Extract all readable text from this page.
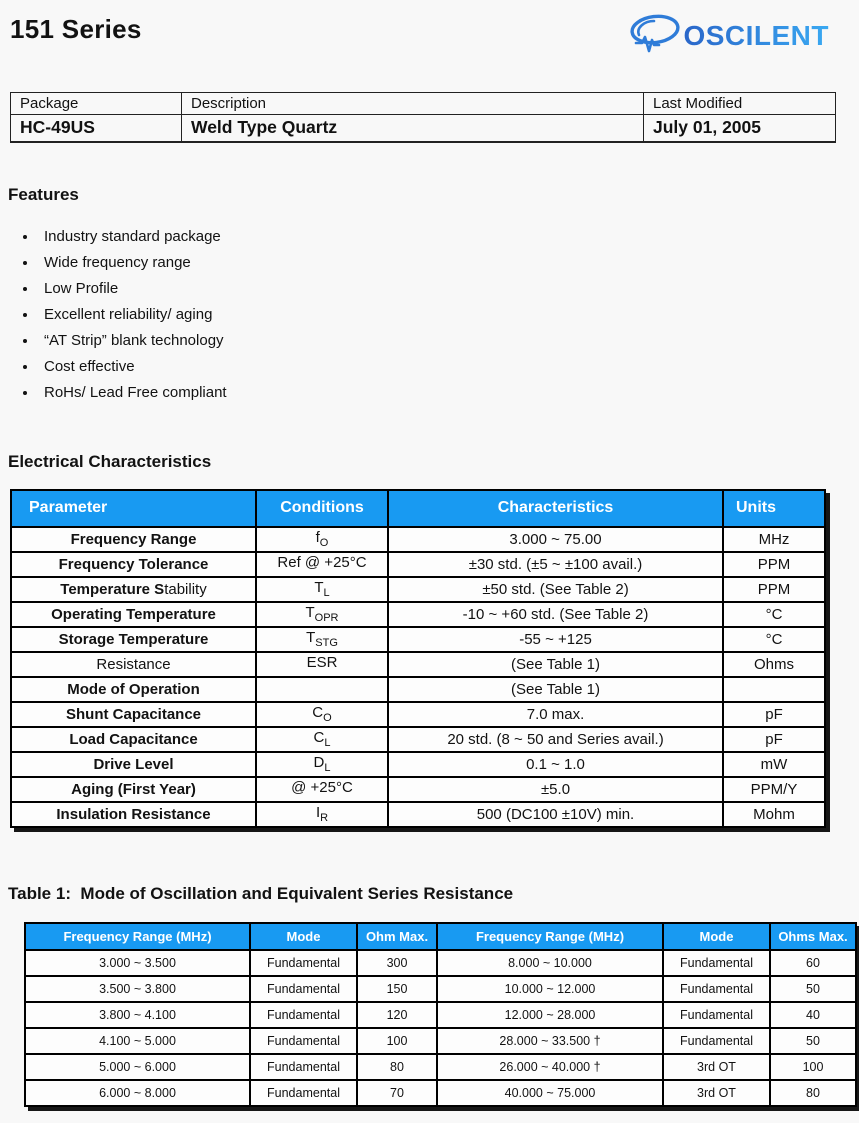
151 Series	OSCILENT
Package	Description	Last Modified
HC-49US	Weld Type Quartz	July 01, 2005
Features
• Industry standard package
• Wide frequency range
• Low Profile
• Excellent reliability/ aging
• “AT Strip” blank technology
• Cost effective
• RoHs/ Lead Free compliant
Electrical Characteristics
Parameter	Conditions	Characteristics	Units
Frequency Range	$f_O$	3.000 ~ 75.00	MHz
Frequency Tolerance	Ref @ +25°C	±30 std. (±5 ~ ±100 avail.)	PPM
Temperature Stability	$T_L$	±50 std. (See Table 2)	PPM
Operating Temperature	$T_{OPR}$	-10 ~ +60 std. (See Table 2)	°C
Storage Temperature	$T_{STG}$	-55 ~ +125	°C
Resistance	ESR	(See Table 1)	Ohms
Mode of Operation		(See Table 1)	
Shunt Capacitance	$C_O$	7.0 max.	pF
Load Capacitance	$C_L$	20 std. (8 ~ 50 and Series avail.)	pF
Drive Level	$D_L$	0.1 ~ 1.0	mW
Aging (First Year)	@ +25°C	±5.0	PPM/Y
Insulation Resistance	$I_R$	500 (DC100 ±10V) min.	Mohm
Table 1:  Mode of Oscillation and Equivalent Series Resistance
Frequency Range (MHz)	Mode	Ohm Max.	Frequency Range (MHz)	Mode	Ohms Max.
3.000 ~ 3.500	Fundamental	300	8.000 ~ 10.000	Fundamental	60
3.500 ~ 3.800	Fundamental	150	10.000 ~ 12.000	Fundamental	50
3.800 ~ 4.100	Fundamental	120	12.000 ~ 28.000	Fundamental	40
4.100 ~ 5.000	Fundamental	100	28.000 ~ 33.500 †	Fundamental	50
5.000 ~ 6.000	Fundamental	80	26.000 ~ 40.000 †	3rd OT	100
6.000 ~ 8.000	Fundamental	70	40.000 ~ 75.000	3rd OT	80
